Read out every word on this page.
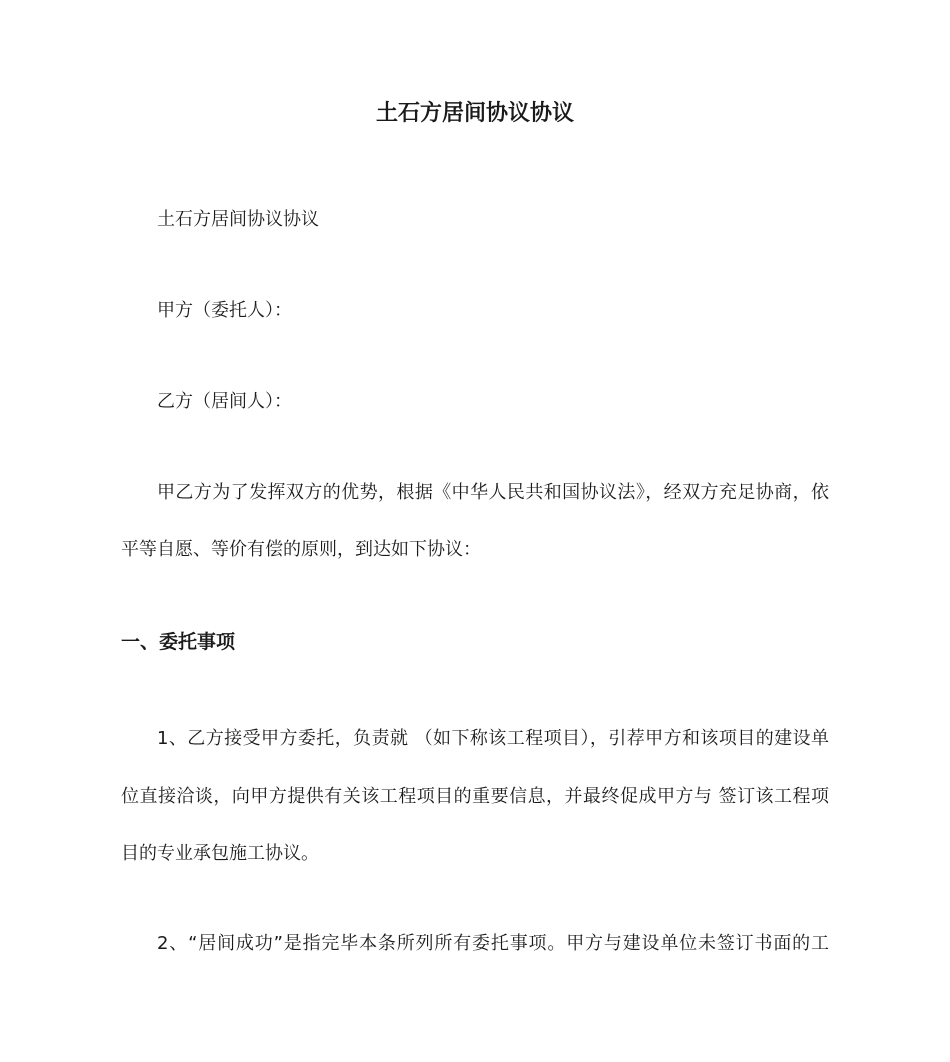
土石方居间协议协议
土石方居间协议协议
甲方（委托人）：
乙方（居间人）：
甲乙方为了发挥双方的优势，根据《中华人民共和国协议法》，经双方充足协商，依
平等自愿、等价有偿的原则，到达如下协议：
一、委托事项
1、乙方接受甲方委托，负责就 （如下称该工程项目），引荐甲方和该项目的建设单
位直接洽谈，向甲方提供有关该工程项目的重要信息，并最终促成甲方与 签订该工程项
目的专业承包施工协议。
2、“居间成功”是指完毕本条所列所有委托事项。甲方与建设单位未签订书面的工
